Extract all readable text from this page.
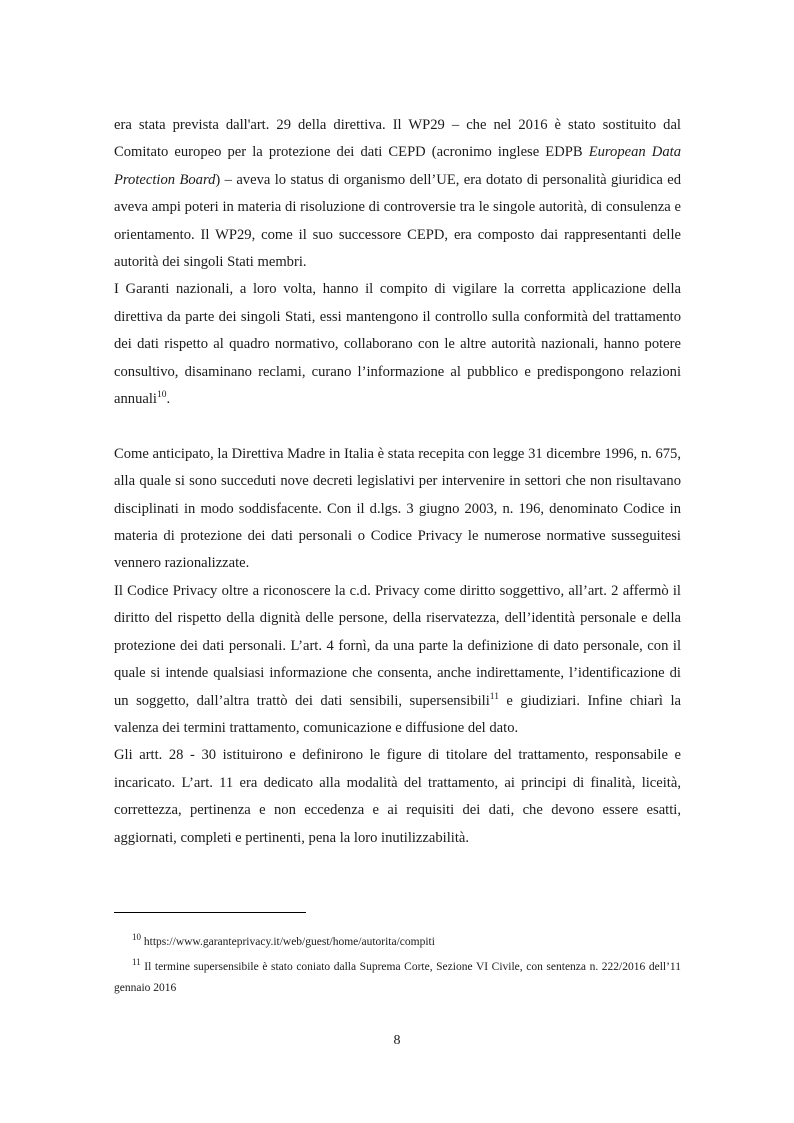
era stata prevista dall'art. 29 della direttiva. Il WP29 – che nel 2016 è stato sostituito dal Comitato europeo per la protezione dei dati CEPD (acronimo inglese EDPB European Data Protection Board) – aveva lo status di organismo dell’UE, era dotato di personalità giuridica ed aveva ampi poteri in materia di risoluzione di controversie tra le singole autorità, di consulenza e orientamento. Il WP29, come il suo successore CEPD, era composto dai rappresentanti delle autorità dei singoli Stati membri.

I Garanti nazionali, a loro volta, hanno il compito di vigilare la corretta applicazione della direttiva da parte dei singoli Stati, essi mantengono il controllo sulla conformità del trattamento dei dati rispetto al quadro normativo, collaborano con le altre autorità nazionali, hanno potere consultivo, disaminano reclami, curano l’informazione al pubblico e predispongono relazioni annuali$^{10}$.

Come anticipato, la Direttiva Madre in Italia è stata recepita con legge 31 dicembre 1996, n. 675, alla quale si sono succeduti nove decreti legislativi per intervenire in settori che non risultavano disciplinati in modo soddisfacente. Con il d.lgs. 3 giugno 2003, n. 196, denominato Codice in materia di protezione dei dati personali o Codice Privacy le numerose normative susseguitesi vennero razionalizzate.

Il Codice Privacy oltre a riconoscere la c.d. Privacy come diritto soggettivo, all’art. 2 affermò il diritto del rispetto della dignità delle persone, della riservatezza, dell’identità personale e della protezione dei dati personali. L’art. 4 fornì, da una parte la definizione di dato personale, con il quale si intende qualsiasi informazione che consenta, anche indirettamente, l’identificazione di un soggetto, dall’altra trattò dei dati sensibili, supersensibili$^{11}$ e giudiziari. Infine chiarì la valenza dei termini trattamento, comunicazione e diffusione del dato.

Gli artt. 28 - 30 istituirono e definirono le figure di titolare del trattamento, responsabile e incaricato. L’art. 11 era dedicato alla modalità del trattamento, ai principi di finalità, liceità, correttezza, pertinenza e non eccedenza e ai requisiti dei dati, che devono essere esatti, aggiornati, completi e pertinenti, pena la loro inutilizzabilità.

$^{10}$ https://www.garanteprivacy.it/web/guest/home/autorita/compiti

$^{11}$ Il termine supersensibile è stato coniato dalla Suprema Corte, Sezione VI Civile, con sentenza n. 222/2016 dell’11 gennaio 2016

8
